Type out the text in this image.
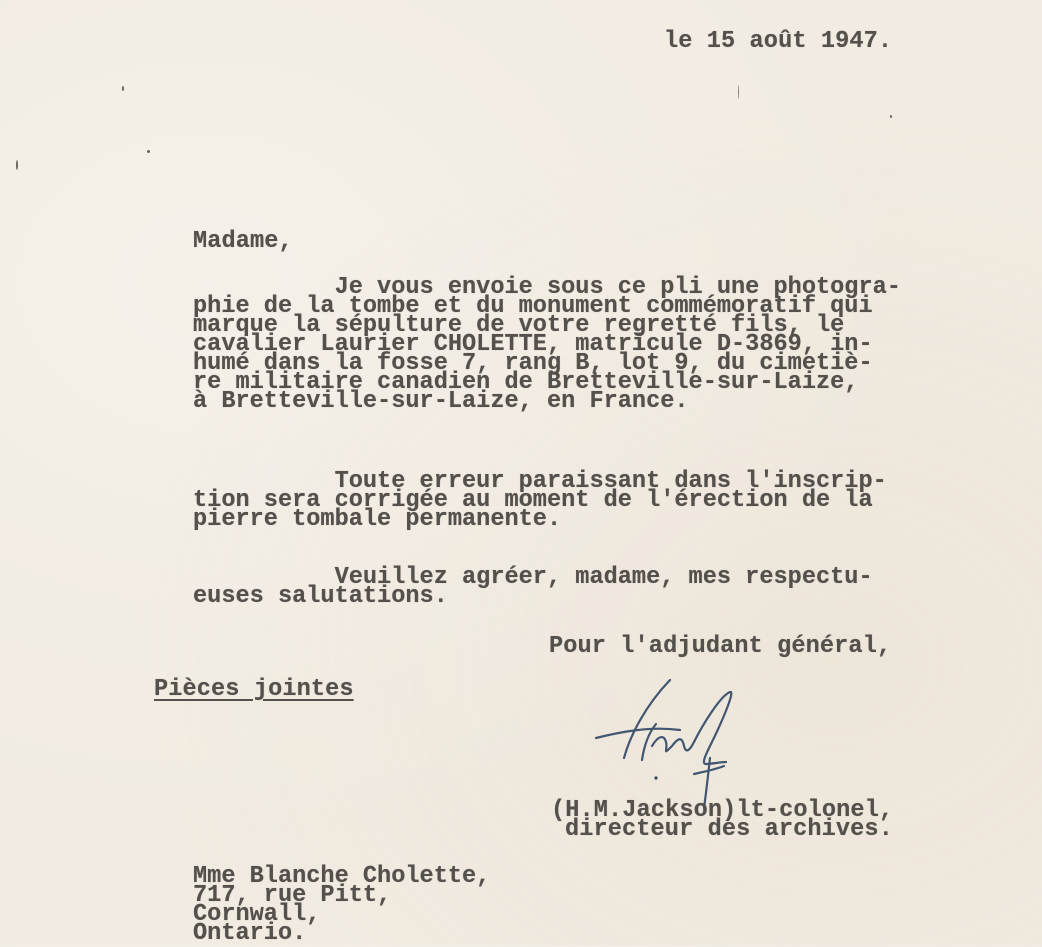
le 15 août 1947.
Madame,
Je vous envoie sous ce pli une photogra-
phie de la tombe et du monument commémoratif qui
marque la sépulture de votre regretté fils, le
cavalier Laurier CHOLETTE, matricule D-3869, in-
humé dans la fosse 7, rang B, lot 9, du cimetiè-
re militaire canadien de Bretteville-sur-Laize,
à Bretteville-sur-Laize, en France.
Toute erreur paraissant dans l'inscrip-
tion sera corrigée au moment de l'érection de la
pierre tombale permanente.
Veuillez agréer, madame, mes respectu-
euses salutations.
Pour l'adjudant général,
Pièces jointes
(H.M.Jackson)lt-colonel,
directeur des archives.
Mme Blanche Cholette,
717, rue Pitt,
Cornwall,
Ontario.
